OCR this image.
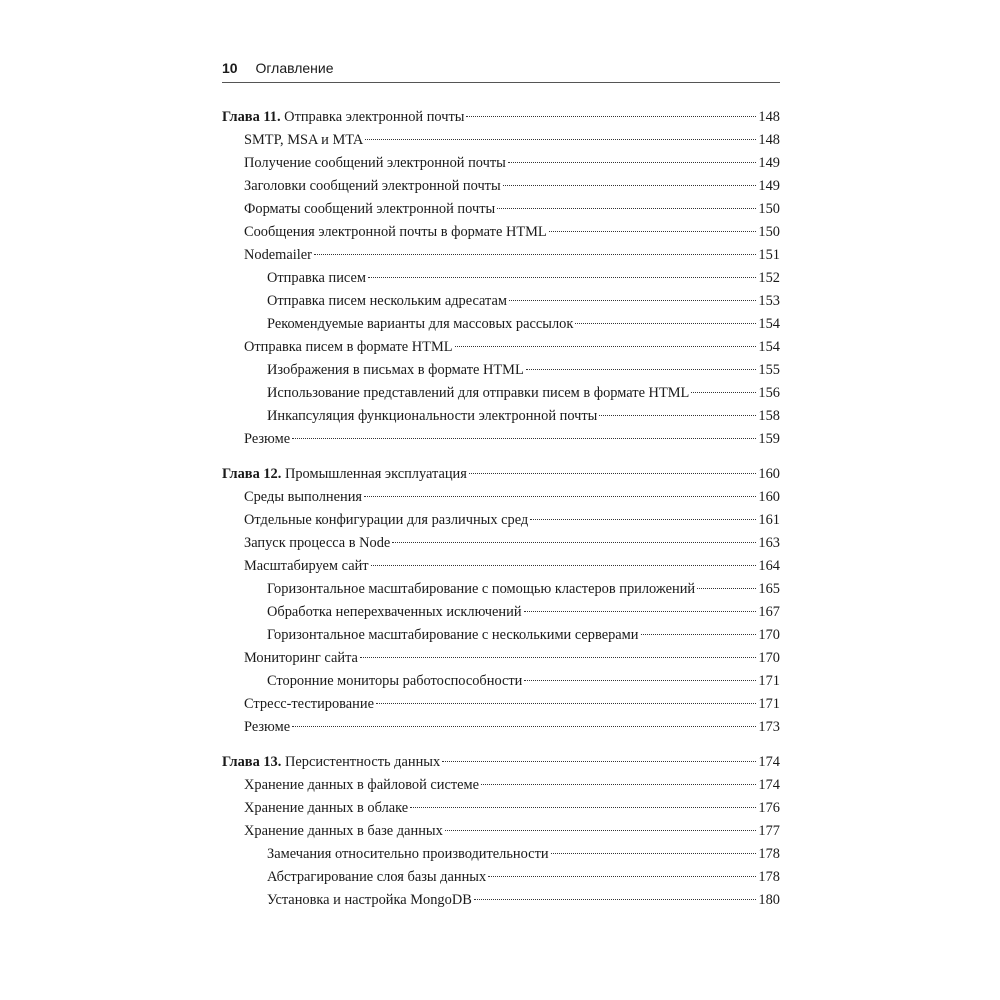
10 Оглавление
Глава 11. Отправка электронной почты	148
SMTP, MSA и MTA	148
Получение сообщений электронной почты	149
Заголовки сообщений электронной почты	149
Форматы сообщений электронной почты	150
Сообщения электронной почты в формате HTML	150
Nodemailer	151
Отправка писем	152
Отправка писем нескольким адресатам	153
Рекомендуемые варианты для массовых рассылок	154
Отправка писем в формате HTML	154
Изображения в письмах в формате HTML	155
Использование представлений для отправки писем в формате HTML	156
Инкапсуляция функциональности электронной почты	158
Резюме	159
Глава 12. Промышленная эксплуатация	160
Среды выполнения	160
Отдельные конфигурации для различных сред	161
Запуск процесса в Node	163
Масштабируем сайт	164
Горизонтальное масштабирование с помощью кластеров приложений	165
Обработка неперехваченных исключений	167
Горизонтальное масштабирование с несколькими серверами	170
Мониторинг сайта	170
Сторонние мониторы работоспособности	171
Стресс-тестирование	171
Резюме	173
Глава 13. Персистентность данных	174
Хранение данных в файловой системе	174
Хранение данных в облаке	176
Хранение данных в базе данных	177
Замечания относительно производительности	178
Абстрагирование слоя базы данных	178
Установка и настройка MongoDB	180
